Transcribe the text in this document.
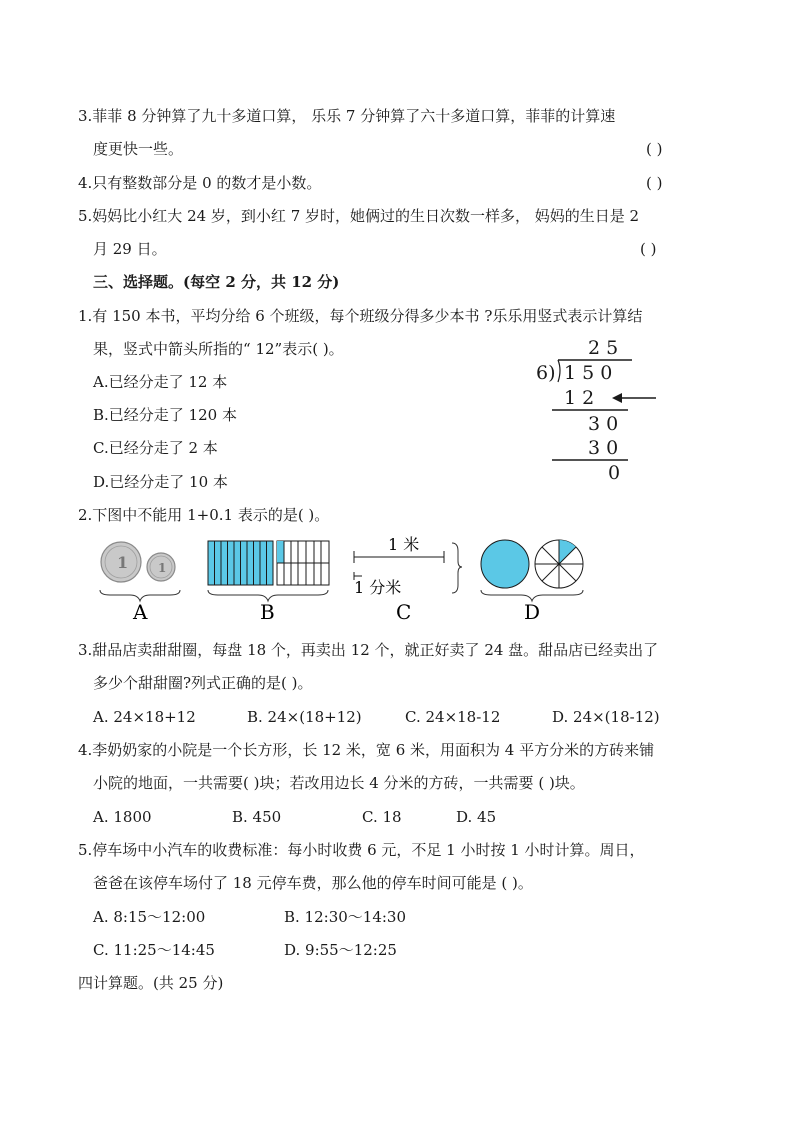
3.菲菲 8 分钟算了九十多道口算， 乐乐 7 分钟算了六十多道口算，菲菲的计算速
度更快一些。	( )
4.只有整数部分是 0 的数才是小数。	( )
5.妈妈比小红大 24 岁，到小红 7 岁时，她俩过的生日次数一样多， 妈妈的生日是 2
月 29 日。	( )
三、选择题。(每空 2 分，共 12 分)
1.有 150 本书，平均分给 6 个班级，每个班级分得多少本书 ?乐乐用竖式表示计算结
果，竖式中箭头所指的“ 12”表示( )。
A.已经分走了 12 本
B.已经分走了 120 本
C.已经分走了 2 本
D.已经分走了 10 本
2 5
6) 1 5 0
1 2
3 0
3 0
0
2.下图中不能用 1+0.1 表示的是( )。
1 1
A	B
1 米
1 分米
C	D
3.甜品店卖甜甜圈，每盘 18 个，再卖出 12 个，就正好卖了 24 盘。甜品店已经卖出了
多少个甜甜圈?列式正确的是( )。
A. 24×18+12	B. 24×(18+12)	C. 24×18-12	D. 24×(18-12)
4.李奶奶家的小院是一个长方形，长 12 米，宽 6 米，用面积为 4 平方分米的方砖来铺
小院的地面，一共需要( )块；若改用边长 4 分米的方砖，一共需要 ( )块。
A. 1800	B. 450	C. 18	D. 45
5.停车场中小汽车的收费标准：每小时收费 6 元，不足 1 小时按 1 小时计算。周日，
爸爸在该停车场付了 18 元停车费，那么他的停车时间可能是 ( )。
A. 8:15～12:00	B. 12:30～14:30
C. 11:25～14:45	D. 9:55～12:25
四计算题。(共 25 分)
